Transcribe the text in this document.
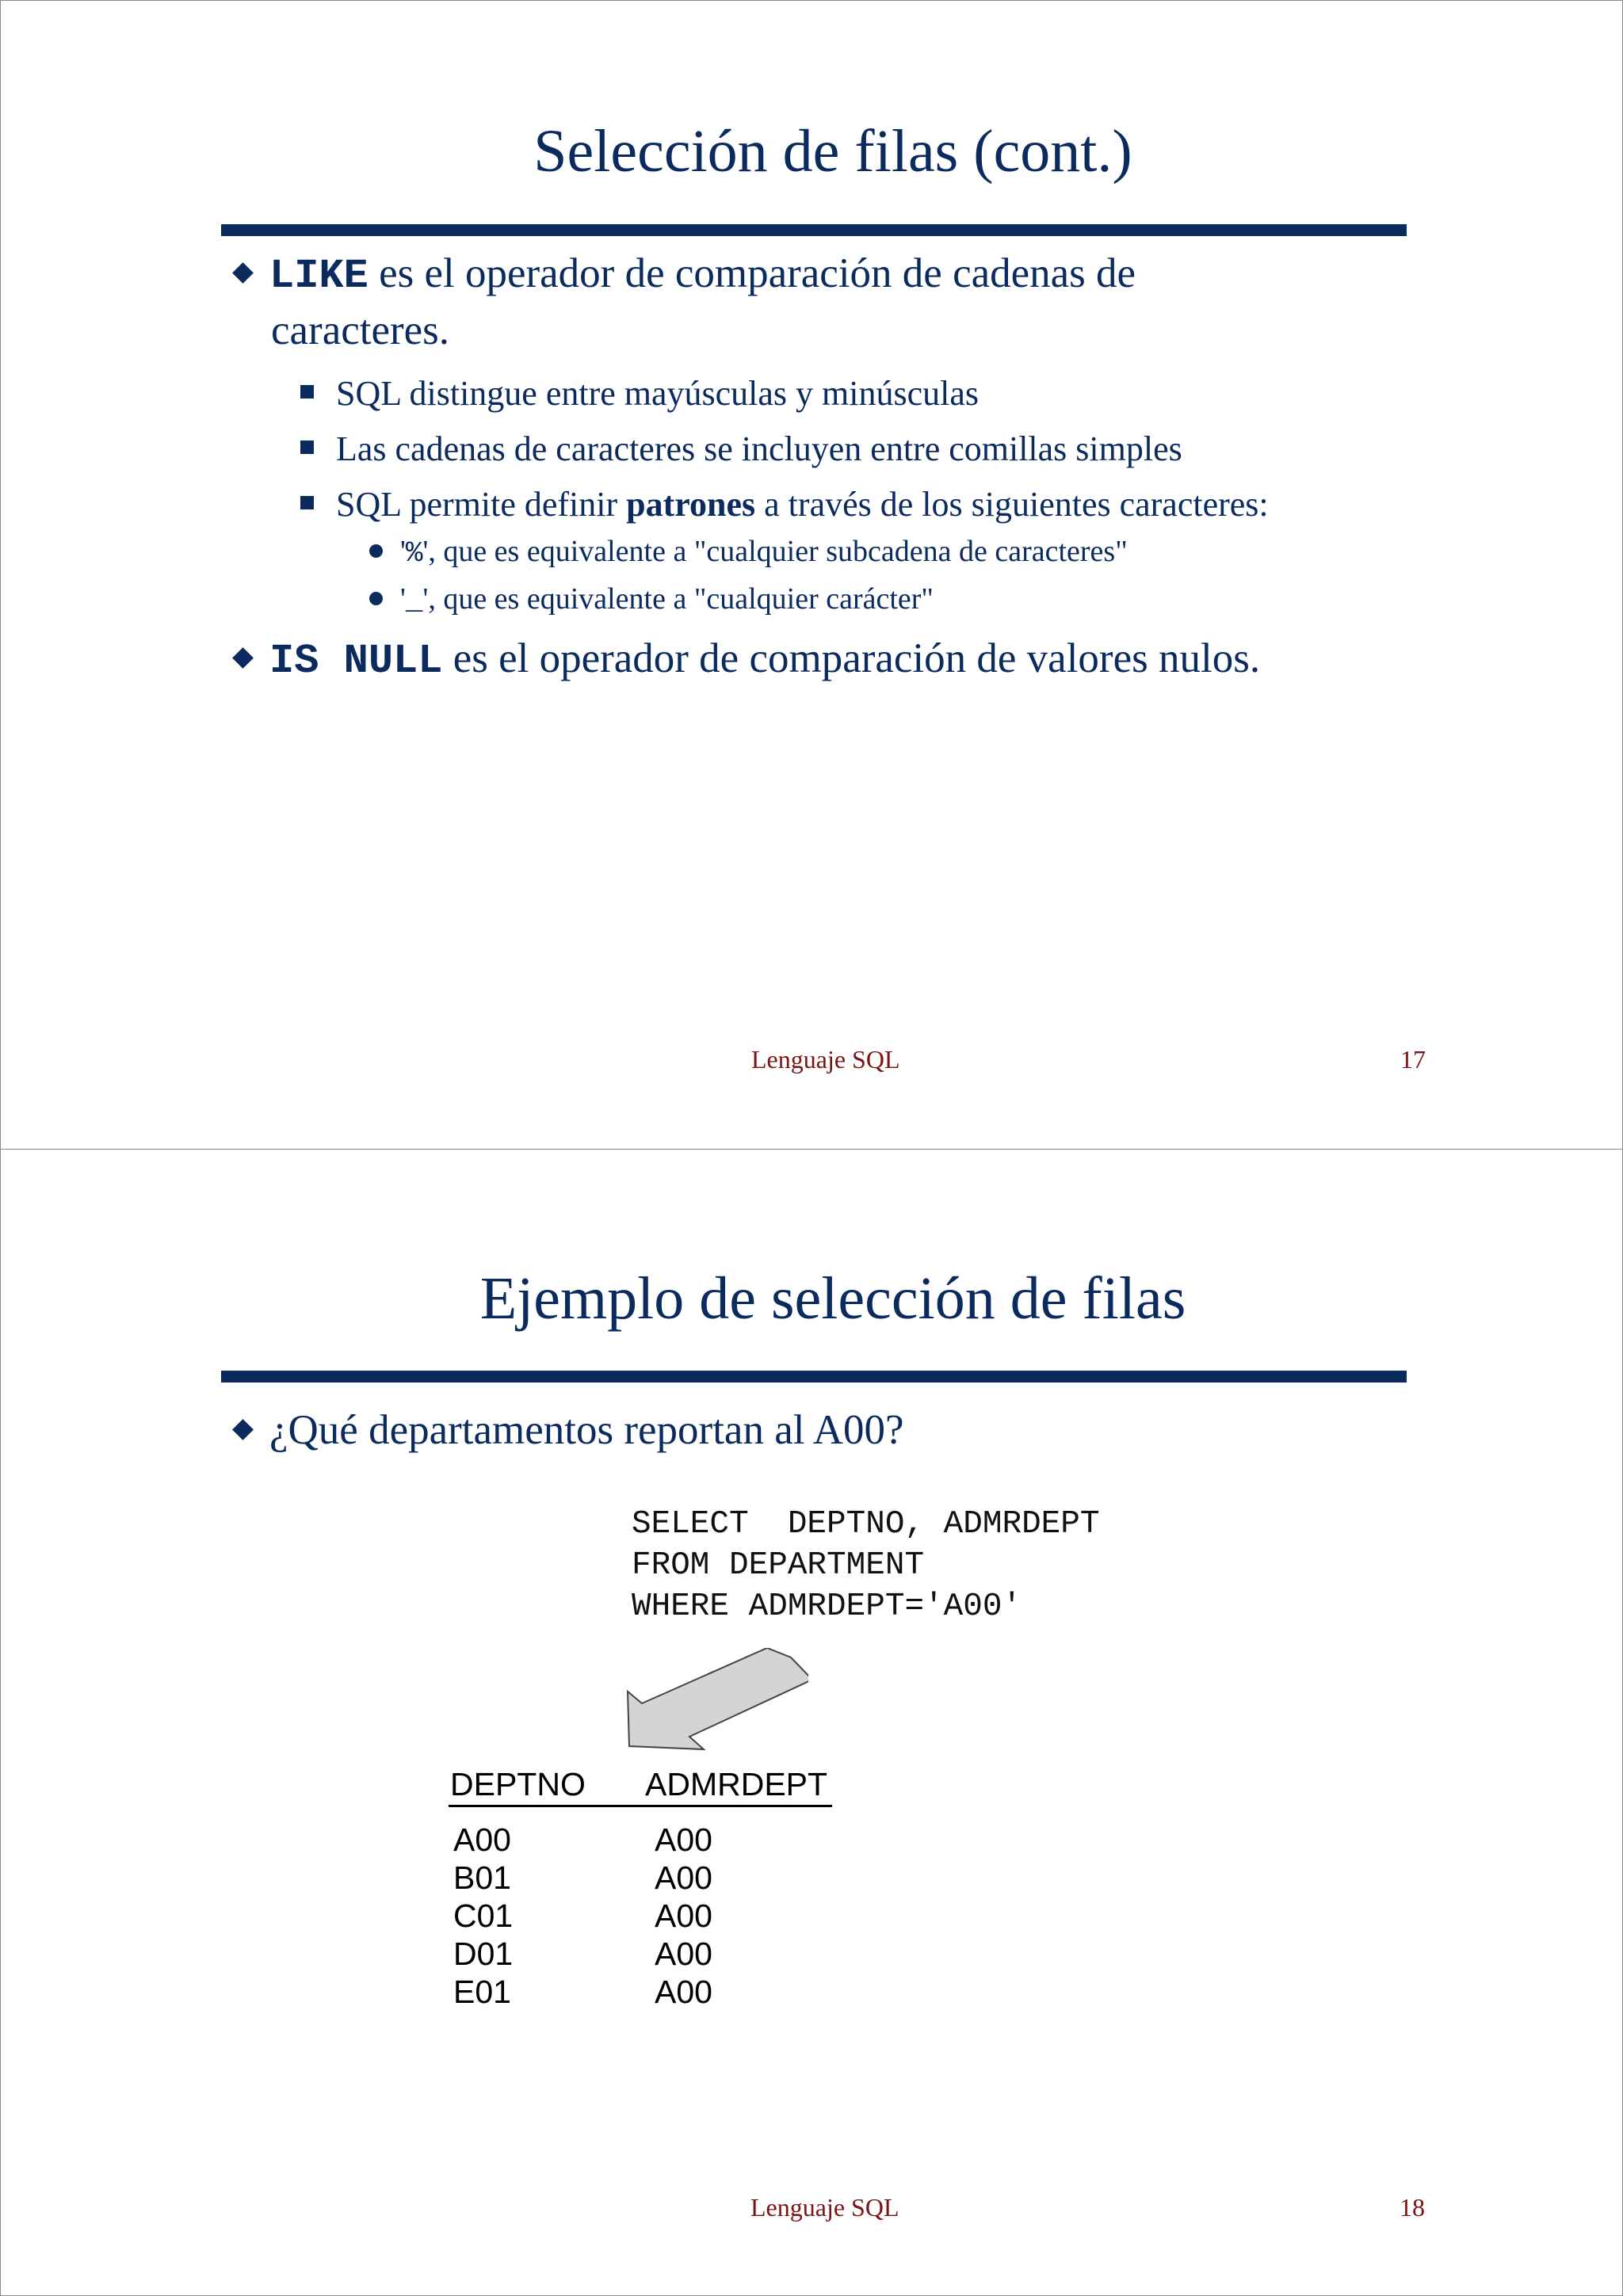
Selección de filas (cont.)
LIKE es el operador de comparación de cadenas de
caracteres.
SQL distingue entre mayúsculas y minúsculas
Las cadenas de caracteres se incluyen entre comillas simples
SQL permite definir patrones a través de los siguientes caracteres:
'%', que es equivalente a "cualquier subcadena de caracteres"
'_', que es equivalente a "cualquier carácter"
IS NULL es el operador de comparación de valores nulos.
Lenguaje SQL	17
Ejemplo de selección de filas
¿Qué departamentos reportan al A00?
SELECT  DEPTNO, ADMRDEPT
FROM DEPARTMENT
WHERE ADMRDEPT='A00'
DEPTNO ADMRDEPT
A00	A00
B01	A00
C01	A00
D01	A00
E01	A00
Lenguaje SQL	18
